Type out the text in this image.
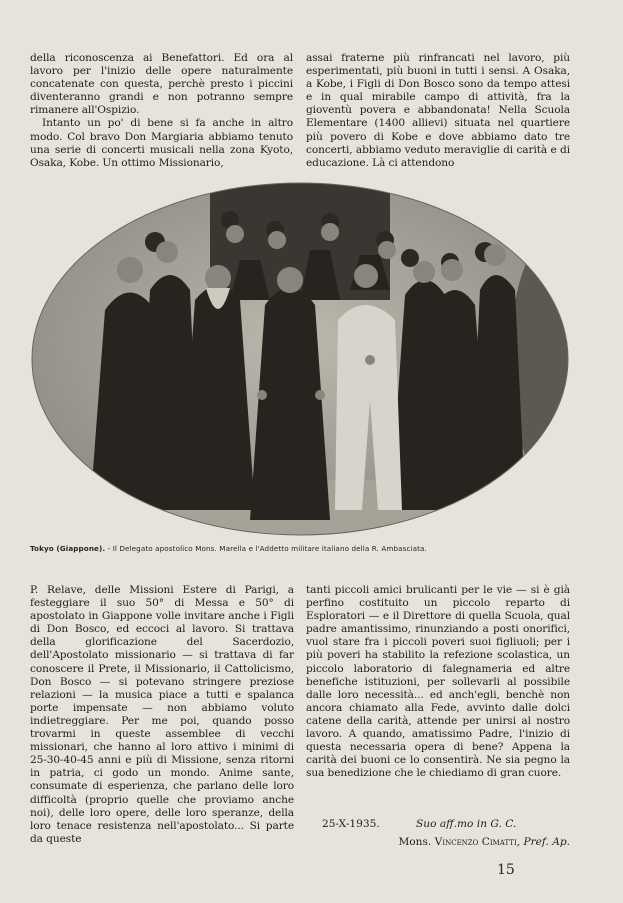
della riconoscenza ai Benefattori. Ed ora al lavoro per l'inizio delle opere naturalmente concatenate con questa, perchè presto i piccini diventeranno grandi e non potranno sempre rimanere all'Ospizio.

Intanto un po' di bene si fa anche in altro modo. Col bravo Don Margiaria abbiamo tenuto una serie di concerti musicali nella zona Kyoto, Osaka, Kobe. Un ottimo Missionario,

assai fraterne più rinfrancati nel lavoro, più esperimentati, più buoni in tutti i sensi. A Osaka, a Kobe, i Figli di Don Bosco sono da tempo attesi e in qual mirabile campo di attività, fra la gioventù povera e abbandonata! Nella Scuola Elementare (1400 allievi) situata nel quartiere più povero di Kobe e dove abbiamo dato tre concerti, abbiamo veduto meraviglie di carità e di educazione. Là ci attendono

Tokyo (Giappone). - Il Delegato apostolico Mons. Marella e l'Addetto militare italiano della R. Ambasciata.

P. Relave, delle Missioni Estere di Parigi, a festeggiare il suo 50° di Messa e 50° di apostolato in Giappone volle invitare anche i Figli di Don Bosco, ed eccoci al lavoro. Si trattava della glorificazione del Sacerdozio, dell'Apostolato missionario — si trattava di far conoscere il Prete, il Missionario, il Cattolicismo, Don Bosco — si potevano stringere preziose relazioni — la musica piace a tutti e spalanca porte impensate — non abbiamo voluto indietreggiare. Per me poi, quando posso trovarmi in queste assemblee di vecchi missionari, che hanno al loro attivo i minimi di 25-30-40-45 anni e più di Missione, senza ritorni in patria, ci godo un mondo. Anime sante, consumate di esperienza, che parlano delle loro difficoltà (proprio quelle che proviamo anche noi), delle loro opere, delle loro speranze, della loro tenace resistenza nell'apostolato... Si parte da queste

tanti piccoli amici brulicanti per le vie — si è già perfino costituito un piccolo reparto di Esploratori — e il Direttore di quella Scuola, qual padre amantissimo, rinunziando a posti onorifici, vuol stare fra i piccoli poveri suoi figliuoli; per i più poveri ha stabilito la refezione scolastica, un piccolo laboratorio di falegnameria ed altre benefiche istituzioni, per sollevarli al possibile dalle loro necessità... ed anch'egli, benchè non ancora chiamato alla Fede, avvinto dalle dolci catene della carità, attende per unirsi al nostro lavoro. A quando, amatissimo Padre, l'inizio di questa necessaria opera di bene? Appena la carità dei buoni ce lo consentirà. Ne sia pegno la sua benedizione che le chiediamo di gran cuore.

25-X-1935.	Suo aff.mo in G. C.
Mons. Vincenzo Cimatti, Pref. Ap.
15
